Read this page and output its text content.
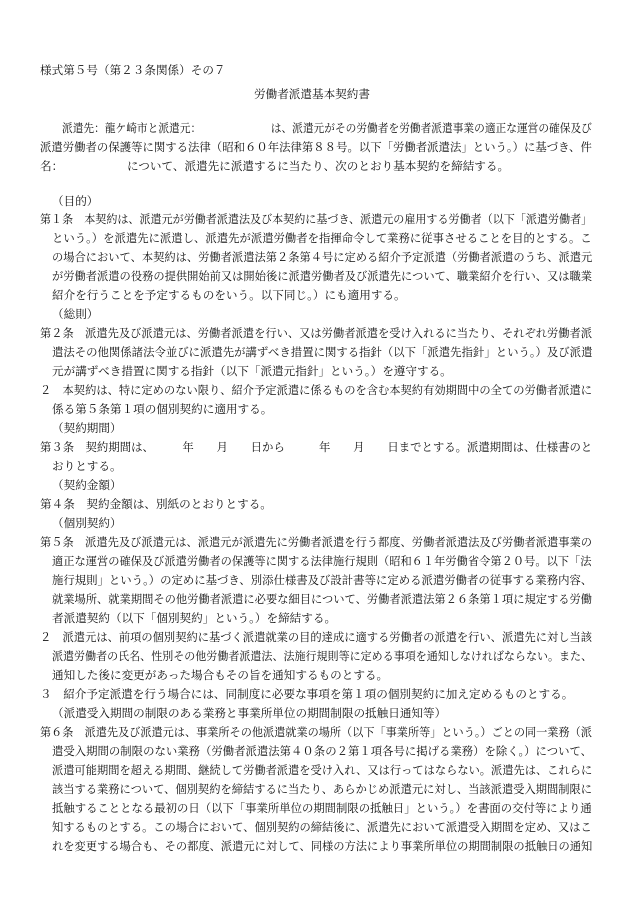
様式第５号（第２３条関係）その７
労働者派遣基本契約書
派遣先：龍ケ崎市と派遣元：　　　　　　　は、派遣元がその労働者を労働者派遣事業の適正な運営の確保及び
派遣労働者の保護等に関する法律（昭和６０年法律第８８号。以下「労働者派遣法」という。）に基づき、件
名：　　　　　　について、派遣先に派遣するに当たり、次のとおり基本契約を締結する。
（目的）
第１条　本契約は、派遣元が労働者派遣法及び本契約に基づき、派遣元の雇用する労働者（以下「派遣労働者」
という。）を派遣先に派遣し、派遣先が派遣労働者を指揮命令して業務に従事させることを目的とする。こ
の場合において、本契約は、労働者派遣法第２条第４号に定める紹介予定派遣（労働者派遣のうち、派遣元
が労働者派遣の役務の提供開始前又は開始後に派遣労働者及び派遣先について、職業紹介を行い、又は職業
紹介を行うことを予定するものをいう。以下同じ。）にも適用する。
（総則）
第２条　派遣先及び派遣元は、労働者派遣を行い、又は労働者派遣を受け入れるに当たり、それぞれ労働者派
遣法その他関係諸法令並びに派遣先が講ずべき措置に関する指針（以下「派遣先指針」という。）及び派遣
元が講ずべき措置に関する指針（以下「派遣元指針」という。）を遵守する。
２　本契約は、特に定めのない限り、紹介予定派遣に係るものを含む本契約有効期間中の全ての労働者派遣に
係る第５条第１項の個別契約に適用する。
（契約期間）
第３条　契約期間は、　　　年　　月　　日から　　　年　　月　　日までとする。派遣期間は、仕様書のと
おりとする。
（契約金額）
第４条　契約金額は、別紙のとおりとする。
（個別契約）
第５条　派遣先及び派遣元は、派遣元が派遣先に労働者派遣を行う都度、労働者派遣法及び労働者派遣事業の
適正な運営の確保及び派遣労働者の保護等に関する法律施行規則（昭和６１年労働省令第２０号。以下「法
施行規則」という。）の定めに基づき、別添仕様書及び設計書等に定める派遣労働者の従事する業務内容、
就業場所、就業期間その他労働者派遣に必要な細目について、労働者派遣法第２６条第１項に規定する労働
者派遣契約（以下「個別契約」という。）を締結する。
２　派遣元は、前項の個別契約に基づく派遣就業の目的達成に適する労働者の派遣を行い、派遣先に対し当該
派遣労働者の氏名、性別その他労働者派遣法、法施行規則等に定める事項を通知しなければならない。また、
通知した後に変更があった場合もその旨を通知するものとする。
３　紹介予定派遣を行う場合には、同制度に必要な事項を第１項の個別契約に加え定めるものとする。
（派遣受入期間の制限のある業務と事業所単位の期間制限の抵触日通知等）
第６条　派遣先及び派遣元は、事業所その他派遣就業の場所（以下「事業所等」という。）ごとの同一業務（派
遣受入期間の制限のない業務（労働者派遣法第４０条の２第１項各号に掲げる業務）を除く。）について、
派遣可能期間を超える期間、継続して労働者派遣を受け入れ、又は行ってはならない。派遣先は、これらに
該当する業務について、個別契約を締結するに当たり、あらかじめ派遣元に対し、当該派遣受入期間制限に
抵触することとなる最初の日（以下「事業所単位の期間制限の抵触日」という。）を書面の交付等により通
知するものとする。この場合において、個別契約の締結後に、派遣先において派遣受入期間を定め、又はこ
れを変更する場合も、その都度、派遣元に対して、同様の方法により事業所単位の期間制限の抵触日の通知
